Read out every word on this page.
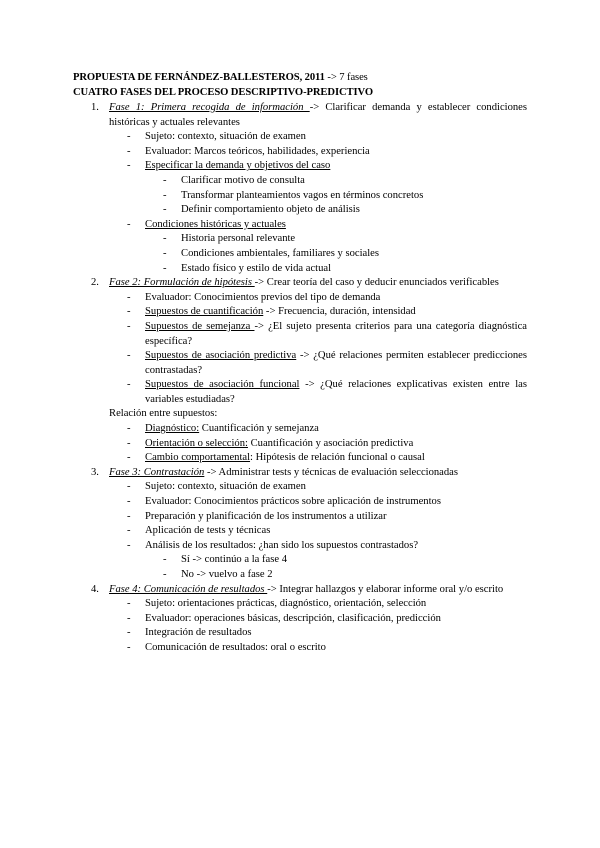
PROPUESTA DE FERNÁNDEZ-BALLESTEROS, 2011 -> 7 fases
CUATRO FASES DEL PROCESO DESCRIPTIVO-PREDICTIVO
1. Fase 1: Primera recogida de información -> Clarificar demanda y establecer condiciones históricas y actuales relevantes
- Sujeto: contexto, situación de examen
- Evaluador: Marcos teóricos, habilidades, experiencia
- Especificar la demanda y objetivos del caso
- Clarificar motivo de consulta
- Transformar planteamientos vagos en términos concretos
- Definir comportamiento objeto de análisis
- Condiciones históricas y actuales
- Historia personal relevante
- Condiciones ambientales, familiares y sociales
- Estado físico y estilo de vida actual
2. Fase 2: Formulación de hipótesis -> Crear teoría del caso y deducir enunciados verificables
- Evaluador: Conocimientos previos del tipo de demanda
- Supuestos de cuantificación -> Frecuencia, duración, intensidad
- Supuestos de semejanza -> ¿El sujeto presenta criterios para una categoría diagnóstica específica?
- Supuestos de asociación predictiva -> ¿Qué relaciones permiten establecer predicciones contrastadas?
- Supuestos de asociación funcional -> ¿Qué relaciones explicativas existen entre las variables estudiadas?
Relación entre supuestos:
- Diagnóstico: Cuantificación y semejanza
- Orientación o selección: Cuantificación y asociación predictiva
- Cambio comportamental: Hipótesis de relación funcional o causal
3. Fase 3: Contrastación -> Administrar tests y técnicas de evaluación seleccionadas
- Sujeto: contexto, situación de examen
- Evaluador: Conocimientos prácticos sobre aplicación de instrumentos
- Preparación y planificación de los instrumentos a utilizar
- Aplicación de tests y técnicas
- Análisis de los resultados: ¿han sido los supuestos contrastados?
- Sí -> continúo a la fase 4
- No -> vuelvo a fase 2
4. Fase 4: Comunicación de resultados -> Integrar hallazgos y elaborar informe oral y/o escrito
- Sujeto: orientaciones prácticas, diagnóstico, orientación, selección
- Evaluador: operaciones básicas, descripción, clasificación, predicción
- Integración de resultados
- Comunicación de resultados: oral o escrito
